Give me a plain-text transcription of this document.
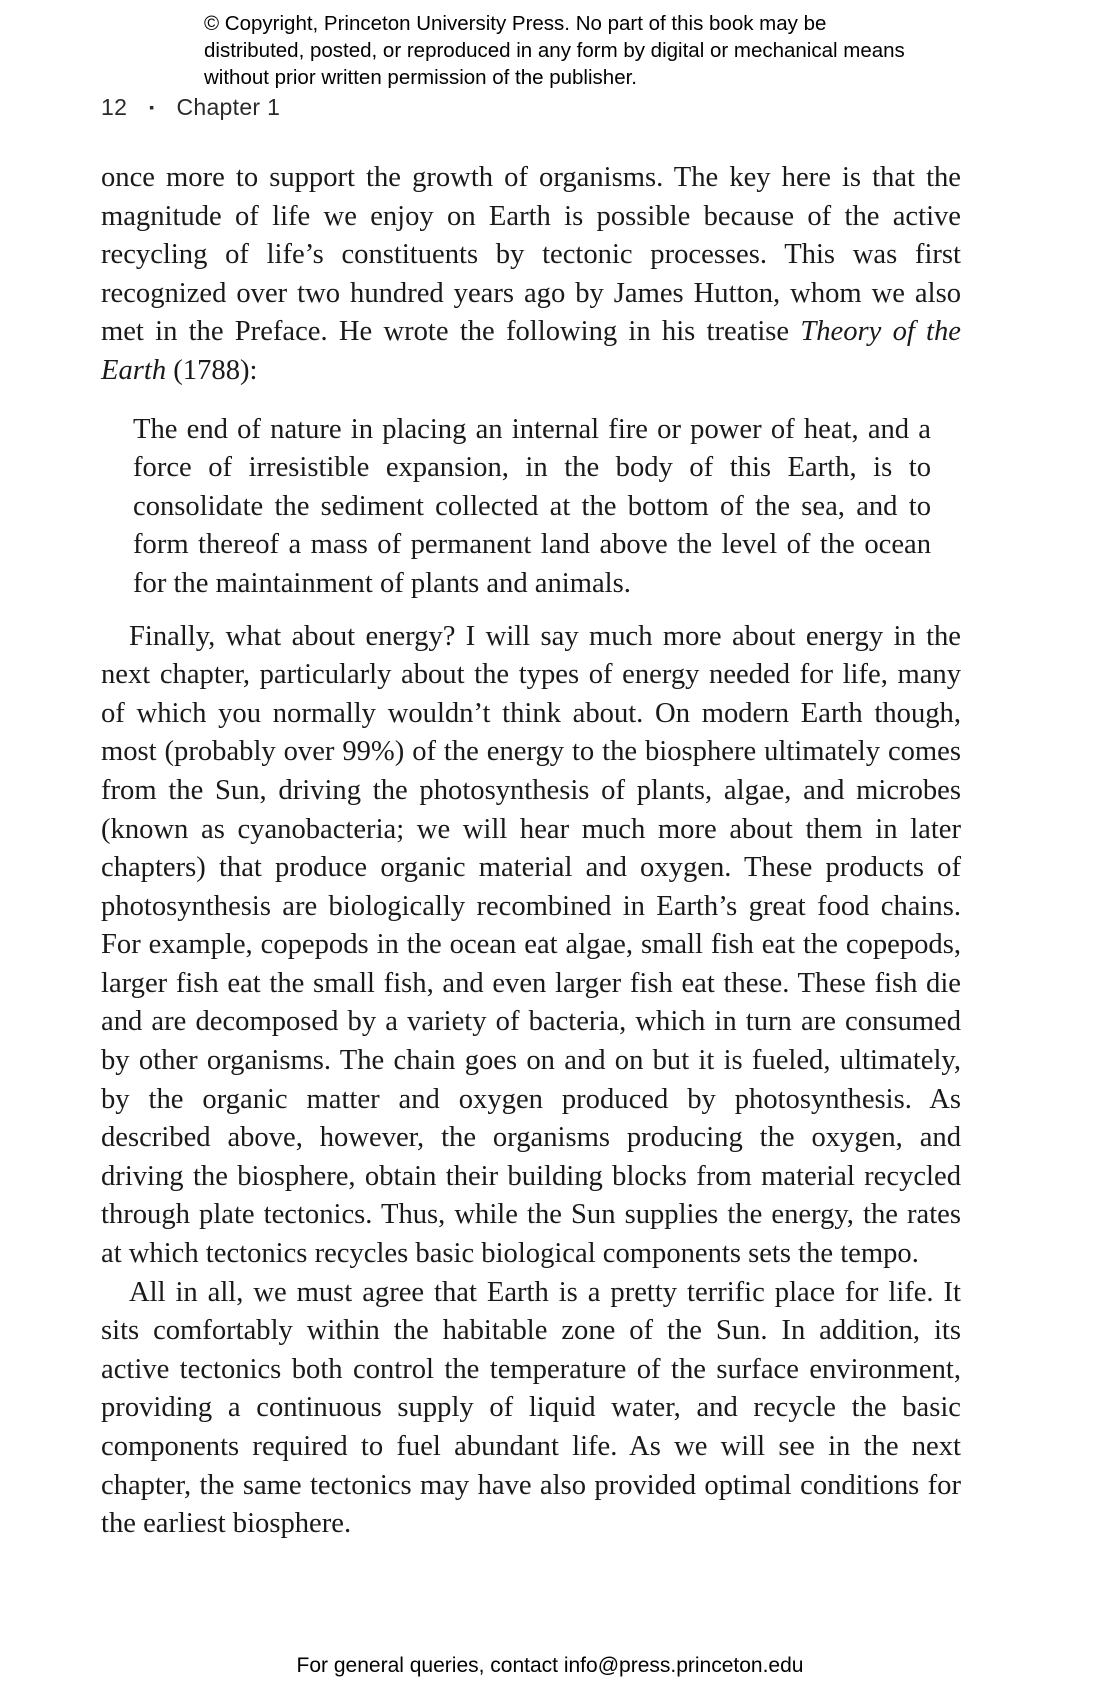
© Copyright, Princeton University Press. No part of this book may be distributed, posted, or reproduced in any form by digital or mechanical means without prior written permission of the publisher.
12 ▪ Chapter 1

once more to support the growth of organisms. The key here is that the magnitude of life we enjoy on Earth is possible because of the active recycling of life’s constituents by tectonic processes. This was first recognized over two hundred years ago by James Hutton, whom we also met in the Preface. He wrote the following in his treatise Theory of the Earth (1788):

The end of nature in placing an internal fire or power of heat, and a force of irresistible expansion, in the body of this Earth, is to consolidate the sediment collected at the bottom of the sea, and to form thereof a mass of permanent land above the level of the ocean for the maintainment of plants and animals.

Finally, what about energy? I will say much more about energy in the next chapter, particularly about the types of energy needed for life, many of which you normally wouldn’t think about. On modern Earth though, most (probably over 99%) of the energy to the biosphere ultimately comes from the Sun, driving the photosynthesis of plants, algae, and microbes (known as cyanobacteria; we will hear much more about them in later chapters) that produce organic material and oxygen. These products of photosynthesis are biologically recombined in Earth’s great food chains. For example, copepods in the ocean eat algae, small fish eat the copepods, larger fish eat the small fish, and even larger fish eat these. These fish die and are decomposed by a variety of bacteria, which in turn are consumed by other organisms. The chain goes on and on but it is fueled, ultimately, by the organic matter and oxygen produced by photosynthesis. As described above, however, the organisms producing the oxygen, and driving the biosphere, obtain their building blocks from material recycled through plate tectonics. Thus, while the Sun supplies the energy, the rates at which tectonics recycles basic biological components sets the tempo.

All in all, we must agree that Earth is a pretty terrific place for life. It sits comfortably within the habitable zone of the Sun. In addition, its active tectonics both control the temperature of the surface environment, providing a continuous supply of liquid water, and recycle the basic components required to fuel abundant life. As we will see in the next chapter, the same tectonics may have also provided optimal conditions for the earliest biosphere.

For general queries, contact info@press.princeton.edu
